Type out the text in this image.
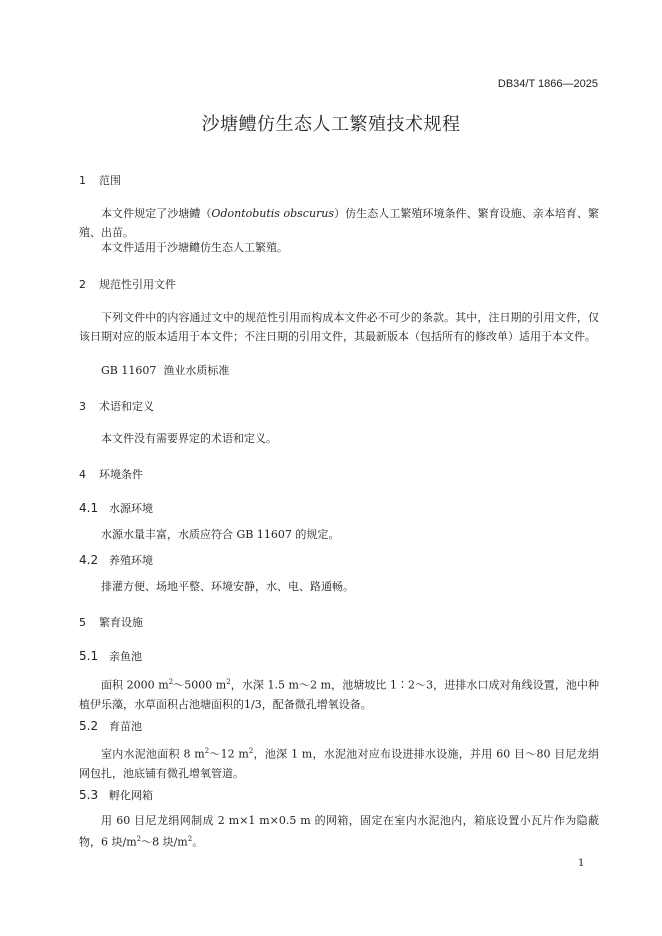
DB34/T 1866—2025
沙塘鳢仿生态人工繁殖技术规程
1 范围
本文件规定了沙塘鳢（Odontobutis obscurus）仿生态人工繁殖环境条件、繁育设施、亲本培育、繁殖、出苗。
本文件适用于沙塘鳢仿生态人工繁殖。
2 规范性引用文件
下列文件中的内容通过文中的规范性引用而构成本文件必不可少的条款。其中，注日期的引用文件，仅该日期对应的版本适用于本文件；不注日期的引用文件，其最新版本（包括所有的修改单）适用于本文件。
GB 11607 渔业水质标准
3 术语和定义
本文件没有需要界定的术语和定义。
4 环境条件
4.1 水源环境
水源水量丰富，水质应符合 GB 11607 的规定。
4.2 养殖环境
排灌方便、场地平整、环境安静，水、电、路通畅。
5 繁育设施
5.1 亲鱼池
面积 2000 $m^2\sim 5000$ $m^2$，水深 1.5 m～2 m，池塘坡比 1∶2～3，进排水口成对角线设置，池中种植伊乐藻，水草面积占池塘面积的1/3，配备微孔增氧设备。
5.2 育苗池
室内水泥池面积 8 $m^2\sim 12$ $m^2$，池深 1 m，水泥池对应布设进排水设施，并用 60 目～80 目尼龙绢网包扎，池底铺有微孔增氧管道。
5.3 孵化网箱
用 60 目尼龙绢网制成 2 m×1 m×0.5 m 的网箱，固定在室内水泥池内，箱底设置小瓦片作为隐蔽物，6 块$/m^2\sim 8$ 块$/m^2$。
1
